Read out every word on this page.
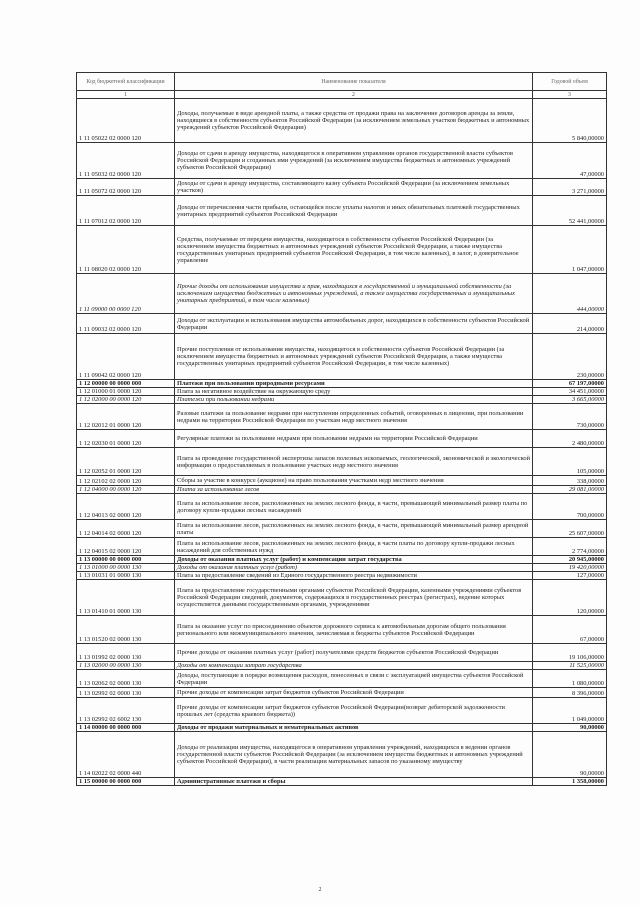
Код бюджетной классификации	Наименование показателя	Годовой объем
1	2	3
1 11 05022 02 0000 120	Доходы, получаемые в виде арендной платы, а также средства от продажи права на заключение договоров аренды за земли, находящиеся в собственности субъектов Российской Федерации (за исключением земельных участков бюджетных и автономных учреждений субъектов Российской Федерации)	5 840,00000
1 11 05032 02 0000 120	Доходы от сдачи в аренду имущества, находящегося в оперативном управлении органов государственной власти субъектов Российской Федерации и созданных ими учреждений (за исключением имущества бюджетных и автономных учреждений субъектов Российской Федерации)	47,00000
1 11 05072 02 0000 120	Доходы от сдачи в аренду имущества, составляющего казну субъекта Российской Федерации (за исключением земельных участков)	3 271,00000
1 11 07012 02 0000 120	Доходы от перечисления части прибыли, остающейся после уплаты налогов и иных обязательных платежей государственных унитарных предприятий субъектов Российской Федерации	52 441,00000
1 11 08020 02 0000 120	Средства, получаемые от передачи имущества, находящегося в собственности субъектов Российской Федерации (за исключением имущества бюджетных и автономных учреждений субъектов Российской Федерации, а также имущества государственных унитарных предприятий субъектов Российской Федерации, в том числе казенных), в залог, в доверительное управление	1 047,00000
1 11 09000 00 0000 120	Прочие доходы от использования имущества и прав, находящихся в государственной и муниципальной собственности (за исключением имущества бюджетных и автономных учреждений, а также имущества государственных и муниципальных унитарных предприятий, в том числе казенных)	444,00000
1 11 09032 02 0000 120	Доходы от эксплуатации и использования имущества автомобильных дорог, находящихся в собственности субъектов Российской Федерации	214,00000
1 11 09042 02 0000 120	Прочие поступления от использования имущества, находящегося в собственности субъектов Российской Федерации (за исключением имущества бюджетных и автономных учреждений субъектов Российской Федерации, а также имущества государственных унитарных предприятий субъектов Российской Федерации, в том числе казенных)	230,00000
1 12 00000 00 0000 000	Платежи при пользовании природными ресурсами	67 197,00000
1 12 01000 01 0000 120	Плата за негативное воздействие на окружающую среду	34 451,00000
1 12 02000 00 0000 120	Платежи при пользовании недрами	3 665,00000
1 12 02012 01 0000 120	Разовые платежи за пользование недрами при наступлении определенных событий, оговоренных в лицензии, при пользовании недрами на территории Российской Федерации по участкам недр местного значения	730,00000
1 12 02030 01 0000 120	Регулярные платежи за пользование недрами при пользовании недрами на территории Российской Федерации	2 480,00000
1 12 02052 01 0000 120	Плата за проведение государственной экспертизы запасов полезных ископаемых, геологической, экономической и экологической информации о предоставляемых в пользование участках недр местного значения	105,00000
1 12 02102 02 0000 120	Сборы за участие в конкурсе (аукционе) на право пользования участками недр местного значения	338,00000
1 12 04000 00 0000 120	Плата за использование лесов	29 081,00000
1 12 04013 02 0000 120	Плата за использование лесов, расположенных на землях лесного фонда, в части, превышающей минимальный размер платы по договору купли-продажи лесных насаждений	700,00000
1 12 04014 02 0000 120	Плата за использование лесов, расположенных на землях лесного фонда, в части, превышающей минимальный размер арендной платы	25 607,00000
1 12 04015 02 0000 120	Плата за использование лесов, расположенных на землях лесного фонда, в части платы по договору купли-продажи лесных насаждений для собственных нужд	2 774,00000
1 13 00000 00 0000 000	Доходы от оказания платных услуг (работ) и компенсации затрат государства	20 945,00000
1 13 01000 00 0000 130	Доходы от оказания платных услуг (работ)	19 420,00000
1 13 01031 01 0000 130	Плата за предоставление сведений из Единого государственного реестра недвижимости	127,00000
1 13 01410 01 0000 130	Плата за предоставление государственными органами субъектов Российской Федерации, казенными учреждениями субъектов Российской Федерации сведений, документов, содержащихся в государственных реестрах (регистрах), ведение которых осуществляется данными государственными органами, учреждениями	120,00000
1 13 01520 02 0000 130	Плата за оказание услуг по присоединению объектов дорожного сервиса к автомобильным дорогам общего пользования регионального или межмуниципального значения, зачисляемая в бюджеты субъектов Российской Федерации	67,00000
1 13 01992 02 0000 130	Прочие доходы от оказания платных услуг (работ) получателями средств бюджетов субъектов Российской Федерации	19 106,00000
1 13 02000 00 0000 130	Доходы от компенсации затрат государства	11 525,00000
1 13 02062 02 0000 130	Доходы, поступающие в порядке возмещения расходов, понесенных в связи с эксплуатацией имущества субъектов Российской Федерации	1 080,00000
1 13 02992 02 0000 130	Прочие доходы от компенсации затрат бюджетов субъектов Российской Федерации	8 396,00000
1 13 02992 02 6002 130	Прочие доходы от компенсации затрат бюджетов субъектов Российской Федерации(возврат дебиторской задолженности прошлых лет (средства краевого бюджета))	1 049,00000
1 14 00000 00 0000 000	Доходы от продажи материальных и нематериальных активов	90,00000
1 14 02022 02 0000 440	Доходы от реализации имущества, находящегося в оперативном управлении учреждений, находящихся в ведении органов государственной власти субъектов Российской Федерации (за исключением имущества бюджетных и автономных учреждений субъектов Российской Федерации), в части реализации материальных запасов по указанному имуществу	90,00000
1 15 00000 00 0000 000	Административные платежи и сборы	1 358,00000
2
